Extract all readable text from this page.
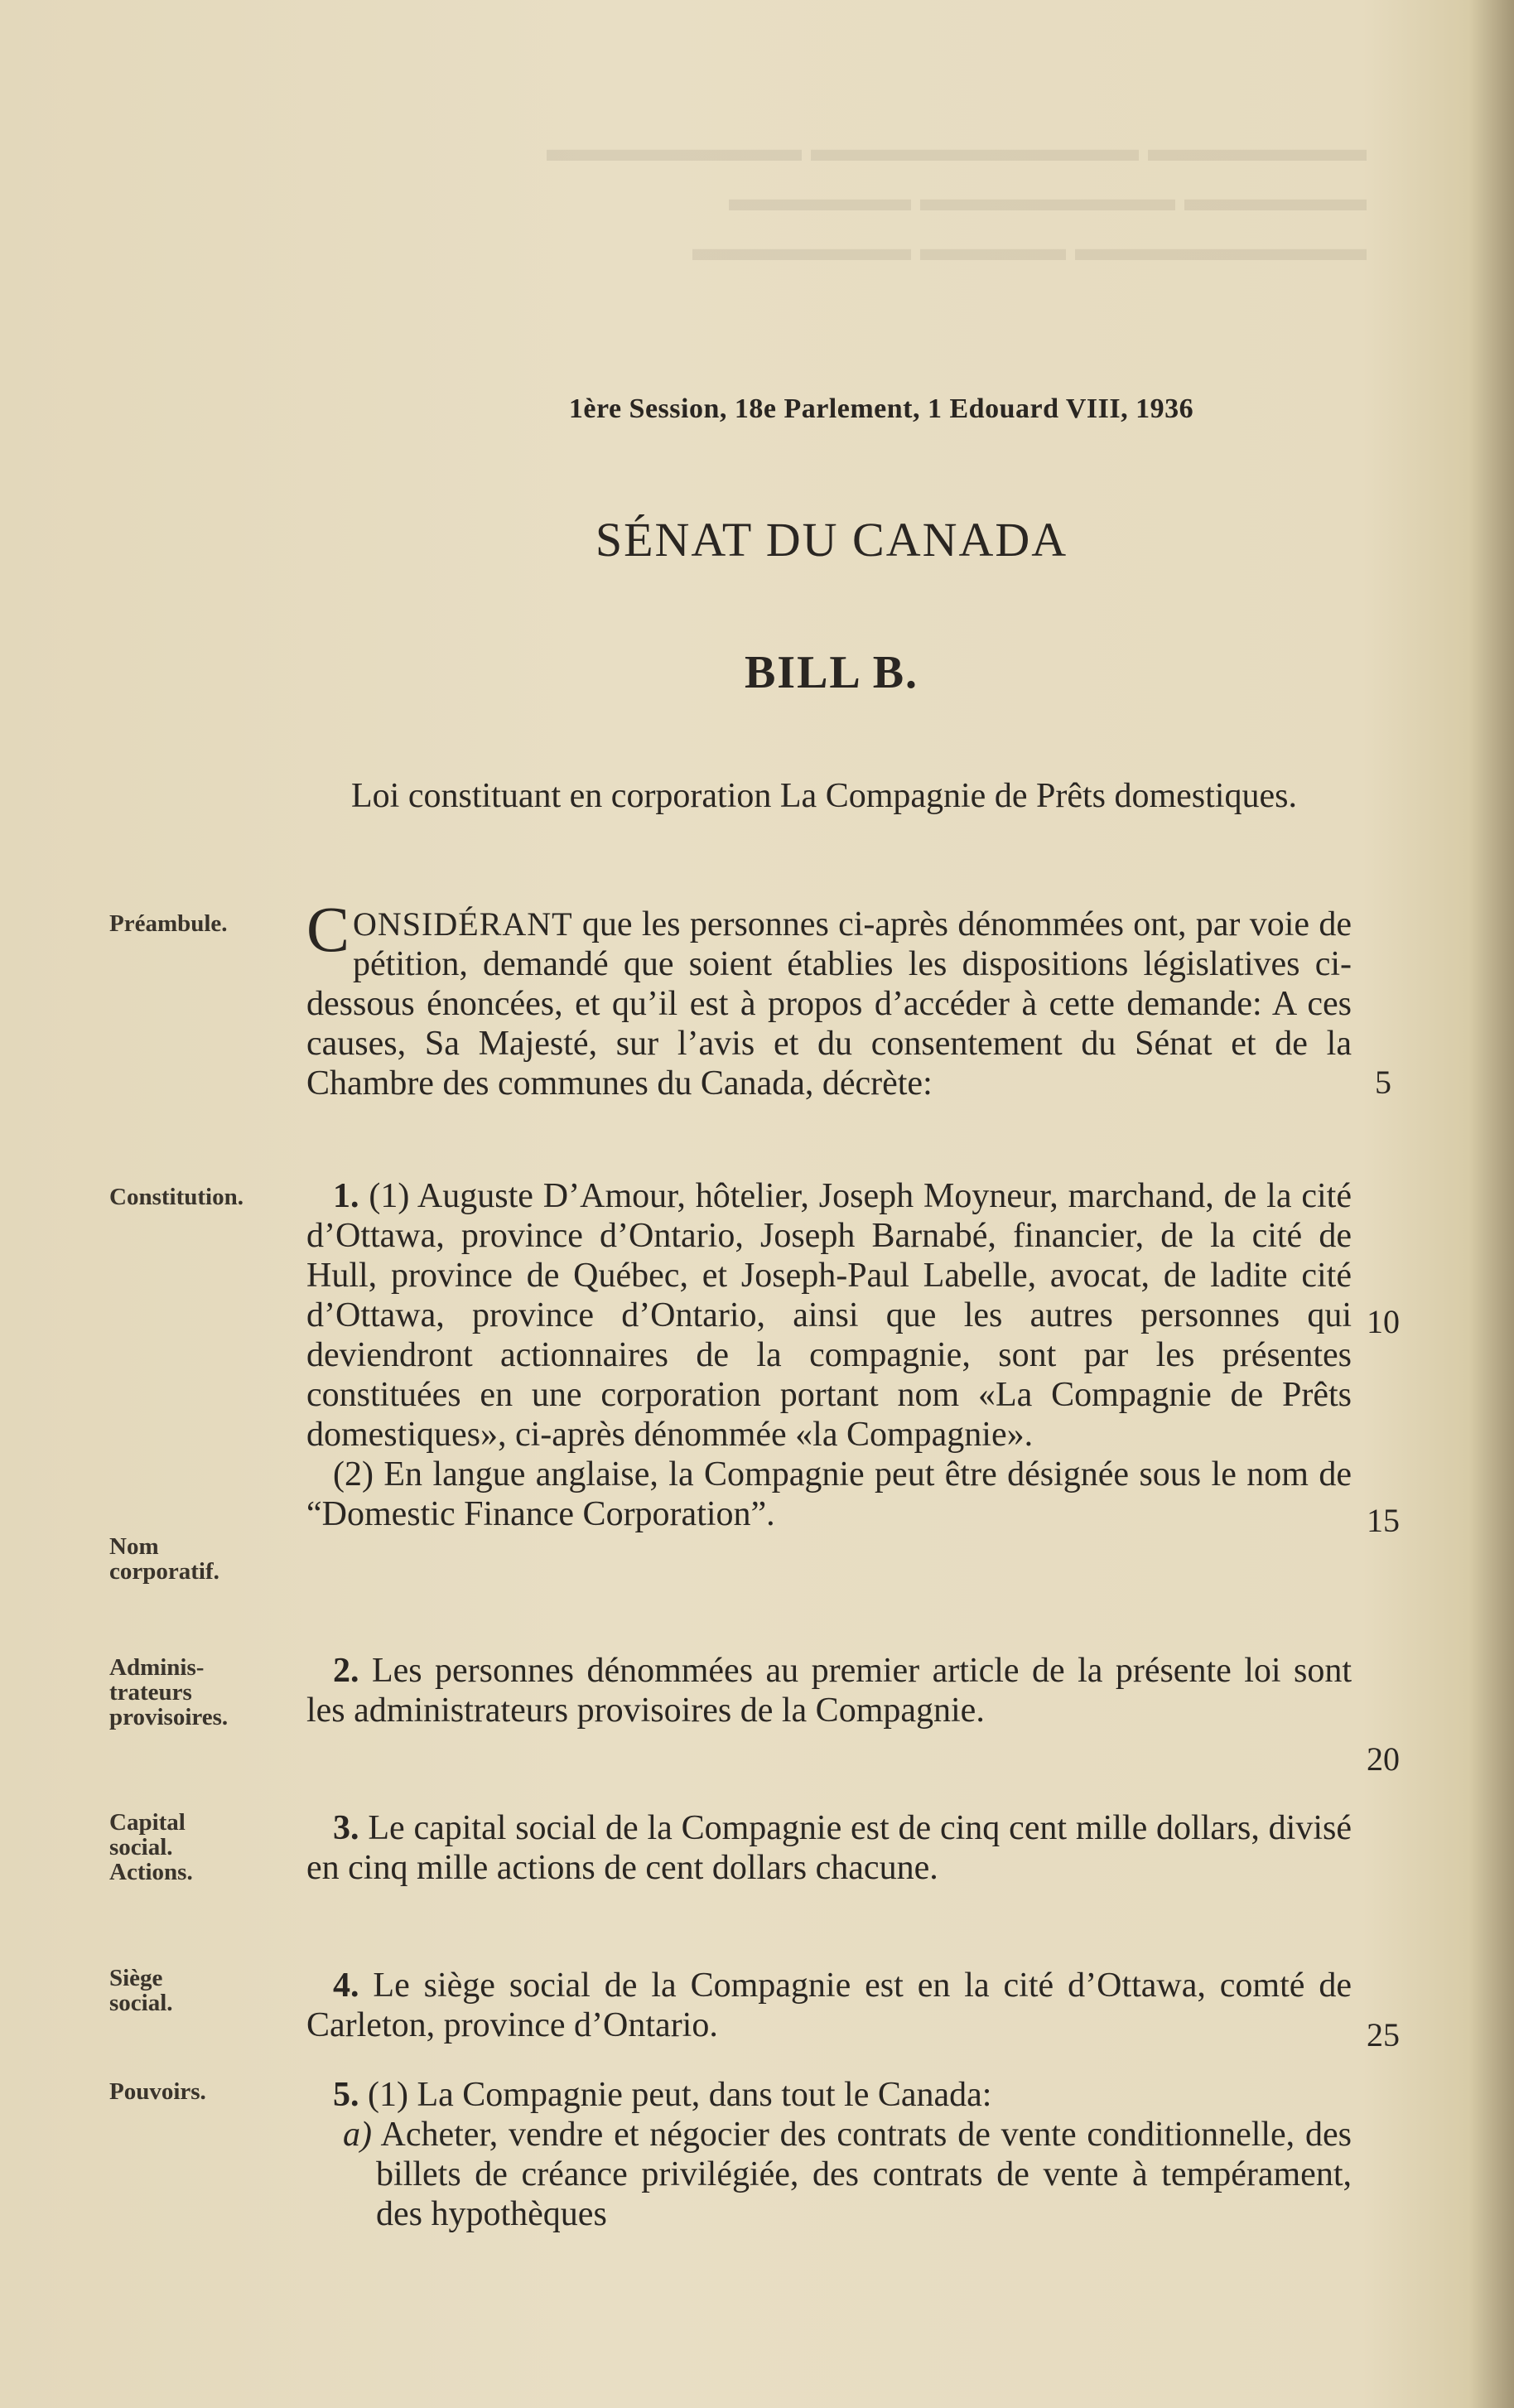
▬▬▬▬▬▬ ▬▬▬▬▬▬▬▬▬ ▬▬▬▬▬▬▬
▬▬▬▬▬ ▬▬▬▬▬▬▬ ▬▬▬▬▬
▬▬▬▬▬▬▬▬ ▬▬▬▬ ▬▬▬▬▬▬
1ère Session, 18e Parlement, 1 Edouard VIII, 1936
SÉNAT DU CANADA
BILL B.
Loi constituant en corporation La Compagnie de Prêts domestiques.
Préambule.
Constitution.
Nom corporatif.
Adminis- trateurs provisoires.
Capital social. Actions.
Siège social.
Pouvoirs.

CONSIDÉRANT que les personnes ci-après dénommées ont, par voie de pétition, demandé que soient établies les dispositions législatives ci-dessous énoncées, et qu’il est à propos d’accéder à cette demande: A ces causes, Sa Majesté, sur l’avis et du consentement du Sénat et de la Chambre des communes du Canada, décrète:

1. (1) Auguste D’Amour, hôtelier, Joseph Moyneur, marchand, de la cité d’Ottawa, province d’Ontario, Joseph Barnabé, financier, de la cité de Hull, province de Québec, et Joseph-Paul Labelle, avocat, de ladite cité d’Ottawa, province d’Ontario, ainsi que les autres personnes qui deviendront actionnaires de la compagnie, sont par les présentes constituées en une corporation portant nom «La Compagnie de Prêts domestiques», ci-après dénommée «la Compagnie».

(2) En langue anglaise, la Compagnie peut être désignée sous le nom de “Domestic Finance Corporation”.

2. Les personnes dénommées au premier article de la présente loi sont les administrateurs provisoires de la Compagnie.

3. Le capital social de la Compagnie est de cinq cent mille dollars, divisé en cinq mille actions de cent dollars chacune.

4. Le siège social de la Compagnie est en la cité d’Ottawa, comté de Carleton, province d’Ontario.

5. (1) La Compagnie peut, dans tout le Canada:

a) Acheter, vendre et négocier des contrats de vente conditionnelle, des billets de créance privilégiée, des contrats de vente à tempérament, des hypothèques

5
10
15
20
25
